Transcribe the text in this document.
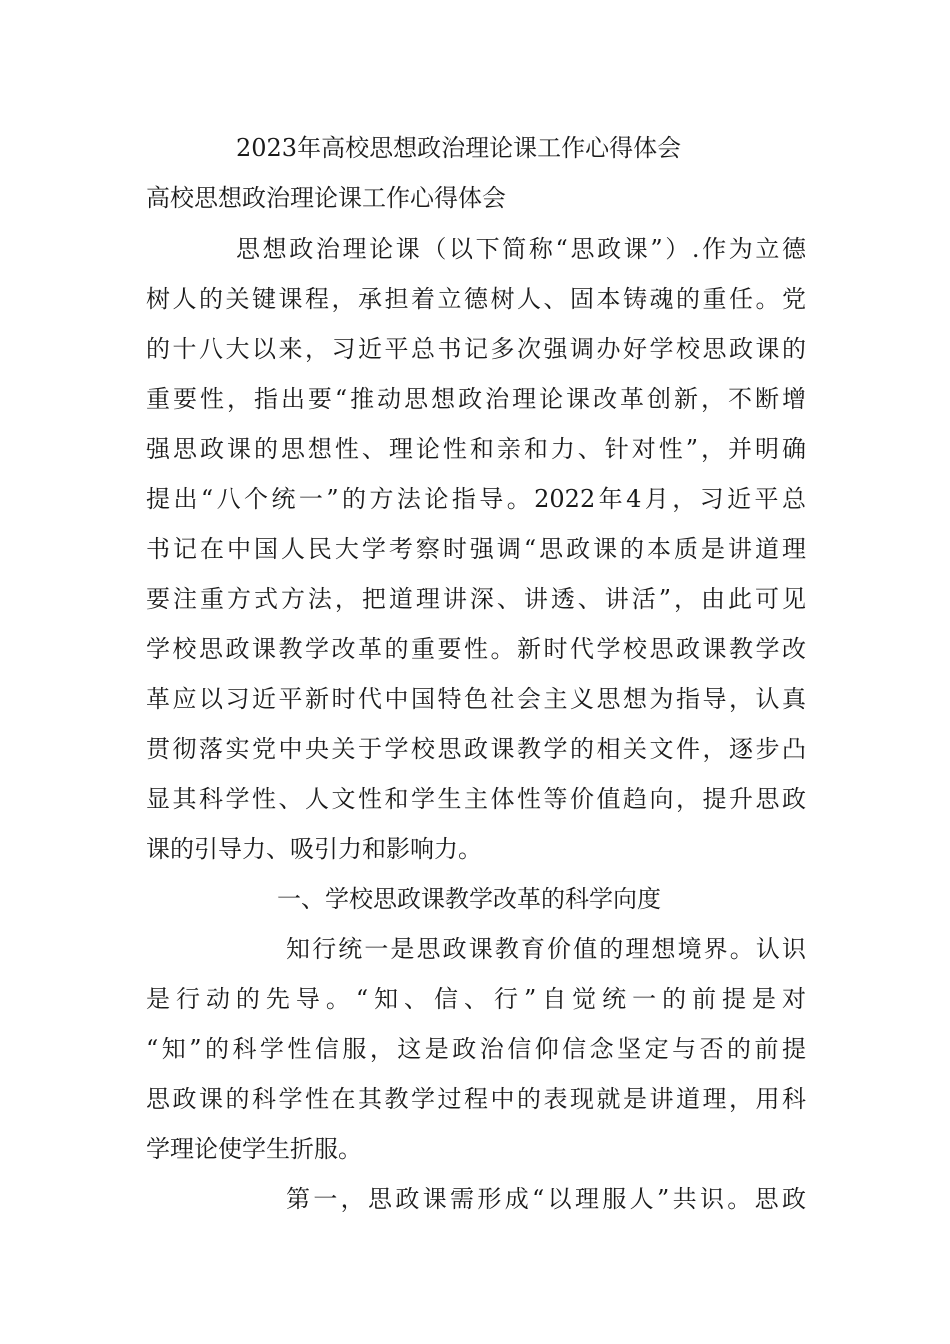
2023年高校思想政治理论课工作心得体会
高校思想政治理论课工作心得体会
思想政治理论课（以下简称“思政课”）.作为立德
树人的关键课程，承担着立德树人、固本铸魂的重任。党
的十八大以来，习近平总书记多次强调办好学校思政课的
重要性，指出要“推动思想政治理论课改革创新，不断增
强思政课的思想性、理论性和亲和力、针对性”，并明确
提出“八个统一”的方法论指导。2022年4月，习近平总
书记在中国人民大学考察时强调“思政课的本质是讲道理
要注重方式方法，把道理讲深、讲透、讲活”，由此可见
学校思政课教学改革的重要性。新时代学校思政课教学改
革应以习近平新时代中国特色社会主义思想为指导，认真
贯彻落实党中央关于学校思政课教学的相关文件，逐步凸
显其科学性、人文性和学生主体性等价值趋向，提升思政
课的引导力、吸引力和影响力。
一、学校思政课教学改革的科学向度
知行统一是思政课教育价值的理想境界。认识
是行动的先导。“知、信、行”自觉统一的前提是对
“知”的科学性信服，这是政治信仰信念坚定与否的前提
思政课的科学性在其教学过程中的表现就是讲道理，用科
学理论使学生折服。
第一，思政课需形成“以理服人”共识。思政
